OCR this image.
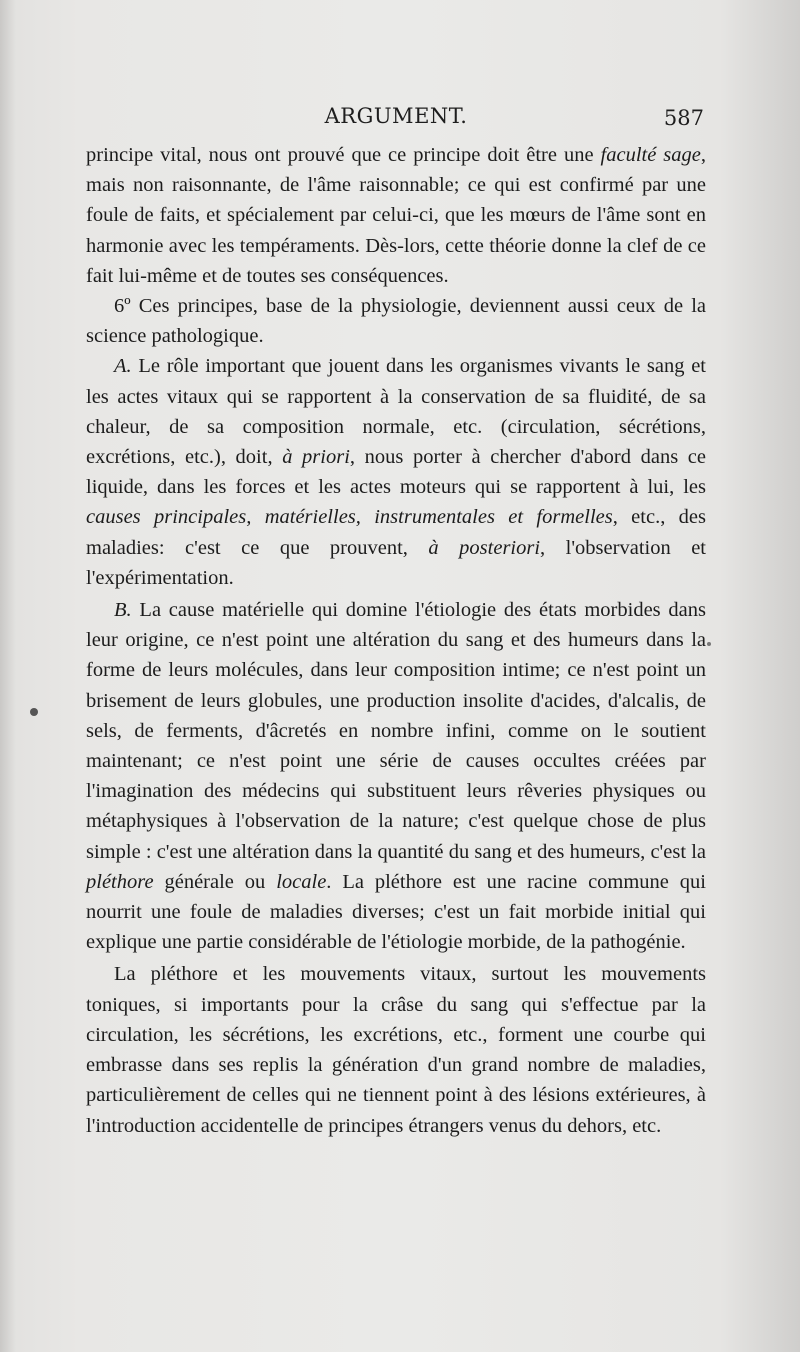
ARGUMENT.	587

principe vital, nous ont prouvé que ce principe doit être une faculté sage, mais non raisonnante, de l'âme raisonnable; ce qui est confirmé par une foule de faits, et spécialement par celui-ci, que les mœurs de l'âme sont en harmonie avec les tempéraments. Dès-lors, cette théorie donne la clef de ce fait lui-même et de toutes ses conséquences.

6º Ces principes, base de la physiologie, deviennent aussi ceux de la science pathologique.

A. Le rôle important que jouent dans les organismes vivants le sang et les actes vitaux qui se rapportent à la conservation de sa fluidité, de sa chaleur, de sa composition normale, etc. (circulation, sécrétions, excrétions, etc.), doit, à priori, nous porter à chercher d'abord dans ce liquide, dans les forces et les actes moteurs qui se rapportent à lui, les causes principales, matérielles, instrumentales et formelles, etc., des maladies: c'est ce que prouvent, à posteriori, l'observation et l'expérimentation.

B. La cause matérielle qui domine l'étiologie des états morbides dans leur origine, ce n'est point une altération du sang et des humeurs dans la forme de leurs molécules, dans leur composition intime; ce n'est point un brisement de leurs globules, une production insolite d'acides, d'alcalis, de sels, de ferments, d'âcretés en nombre infini, comme on le soutient maintenant; ce n'est point une série de causes occultes créées par l'imagination des médecins qui substituent leurs rêveries physiques ou métaphysiques à l'observation de la nature; c'est quelque chose de plus simple : c'est une altération dans la quantité du sang et des humeurs, c'est la pléthore générale ou locale. La pléthore est une racine commune qui nourrit une foule de maladies diverses; c'est un fait morbide initial qui explique une partie considérable de l'étiologie morbide, de la pathogénie.

La pléthore et les mouvements vitaux, surtout les mouvements toniques, si importants pour la crâse du sang qui s'effectue par la circulation, les sécrétions, les excrétions, etc., forment une courbe qui embrasse dans ses replis la génération d'un grand nombre de maladies, particulièrement de celles qui ne tiennent point à des lésions extérieures, à l'introduction accidentelle de principes étrangers venus du dehors, etc.
